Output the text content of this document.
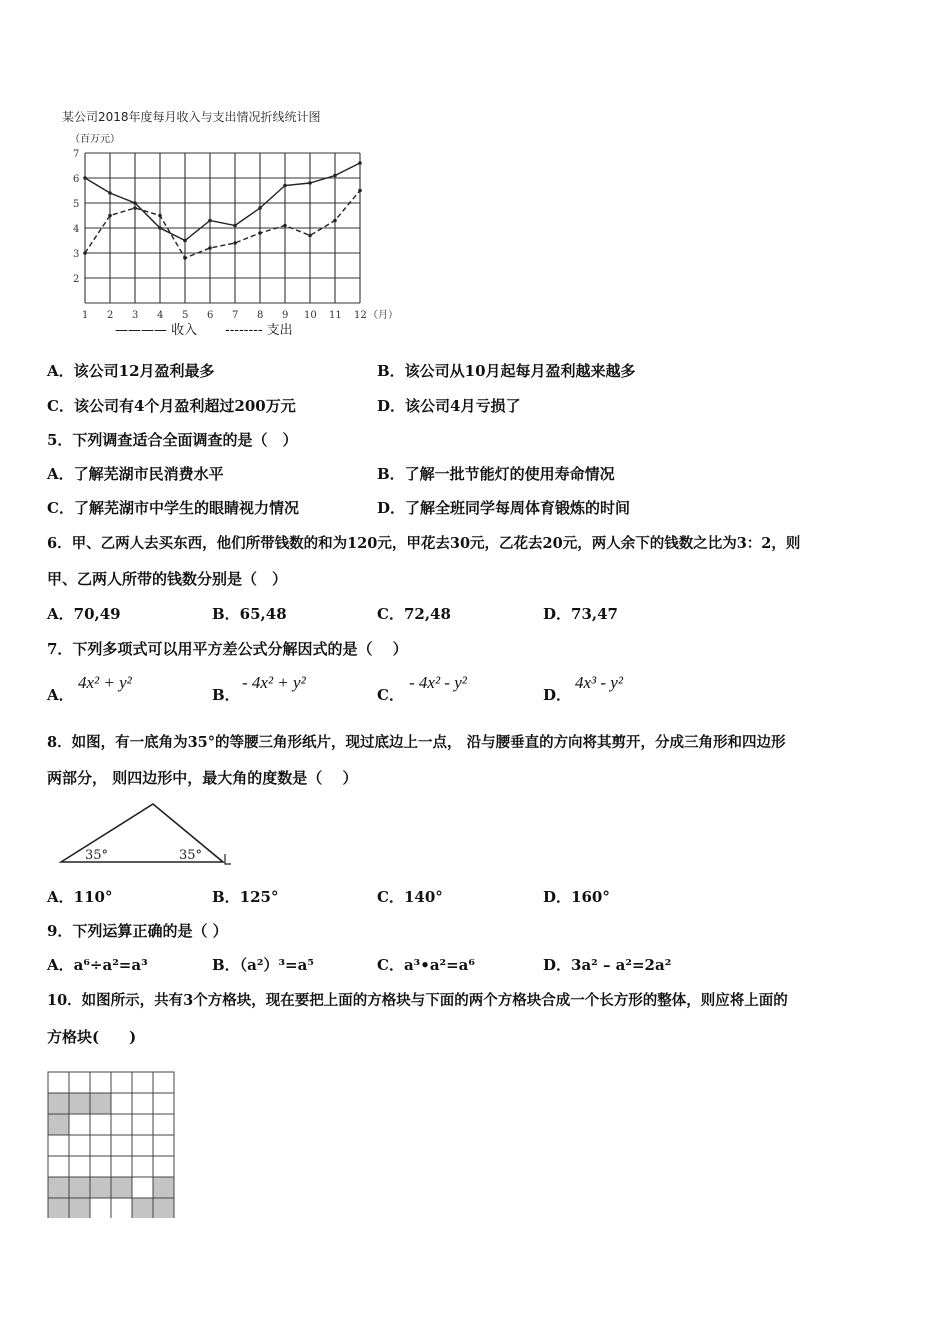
某公司2018年度每月收入与支出情况折线统计图
（百万元）
2
3
4
5
6
7
1 2 3 4 5 6 7 8 9 10 11 12 （月）
———— 收入 -------- 支出
A．该公司12月盈利最多	B．该公司从10月起每月盈利越来越多
C．该公司有4个月盈利超过200万元	D．该公司4月亏损了
5．下列调查适合全面调查的是（　）
A．了解芜湖市民消费水平	B．了解一批节能灯的使用寿命情况
C．了解芜湖市中学生的眼睛视力情况	D．了解全班同学每周体育锻炼的时间
6．甲、乙两人去买东西，他们所带钱数的和为120元，甲花去30元，乙花去20元，两人余下的钱数之比为3：2，则
甲、乙两人所带的钱数分别是（　）
A．70,49	B．65,48	C．72,48	D．73,47
7．下列多项式可以用平方差公式分解因式的是（　 ）
A．
4x² + y²
B．
- 4x² + y²
C．
- 4x² - y²
D．
4x³ - y²
8．如图，有一底角为35°的等腰三角形纸片，现过底边上一点， 沿与腰垂直的方向将其剪开，分成三角形和四边形
两部分， 则四边形中，最大角的度数是（　 ）
35°	35°
A．110°	B．125°	C．140°	D．160°
9．下列运算正确的是（ ）
A．a⁶÷a²=a³	B．（a²）³=a⁵	C．a³•a²=a⁶	D．3a² – a²=2a²
10．如图所示，共有3个方格块，现在要把上面的方格块与下面的两个方格块合成一个长方形的整体，则应将上面的
方格块(　　)
